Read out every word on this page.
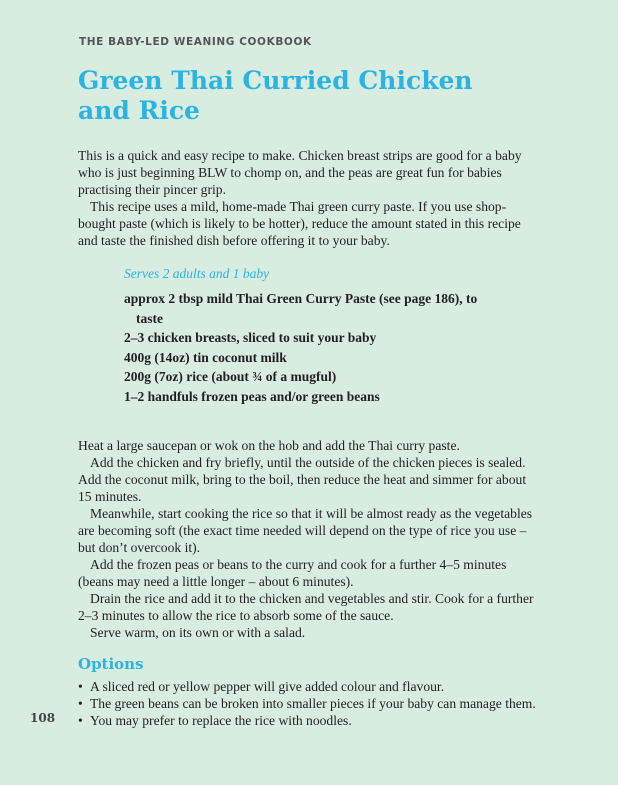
THE BABY-LED WEANING COOKBOOK
Green Thai Curried Chicken
and Rice
This is a quick and easy recipe to make. Chicken breast strips are good for a baby
who is just beginning BLW to chomp on, and the peas are great fun for babies
practising their pincer grip.
This recipe uses a mild, home-made Thai green curry paste. If you use shop-
bought paste (which is likely to be hotter), reduce the amount stated in this recipe
and taste the finished dish before offering it to your baby.
Serves 2 adults and 1 baby
approx 2 tbsp mild Thai Green Curry Paste (see page 186), to
taste
2–3 chicken breasts, sliced to suit your baby
400g (14oz) tin coconut milk
200g (7oz) rice (about ¾ of a mugful)
1–2 handfuls frozen peas and/or green beans
Heat a large saucepan or wok on the hob and add the Thai curry paste.
Add the chicken and fry briefly, until the outside of the chicken pieces is sealed.
Add the coconut milk, bring to the boil, then reduce the heat and simmer for about
15 minutes.
Meanwhile, start cooking the rice so that it will be almost ready as the vegetables
are becoming soft (the exact time needed will depend on the type of rice you use –
but don’t overcook it).
Add the frozen peas or beans to the curry and cook for a further 4–5 minutes
(beans may need a little longer – about 6 minutes).
Drain the rice and add it to the chicken and vegetables and stir. Cook for a further
2–3 minutes to allow the rice to absorb some of the sauce.
Serve warm, on its own or with a salad.
Options
• A sliced red or yellow pepper will give added colour and flavour.
• The green beans can be broken into smaller pieces if your baby can manage them.
• You may prefer to replace the rice with noodles.
108
